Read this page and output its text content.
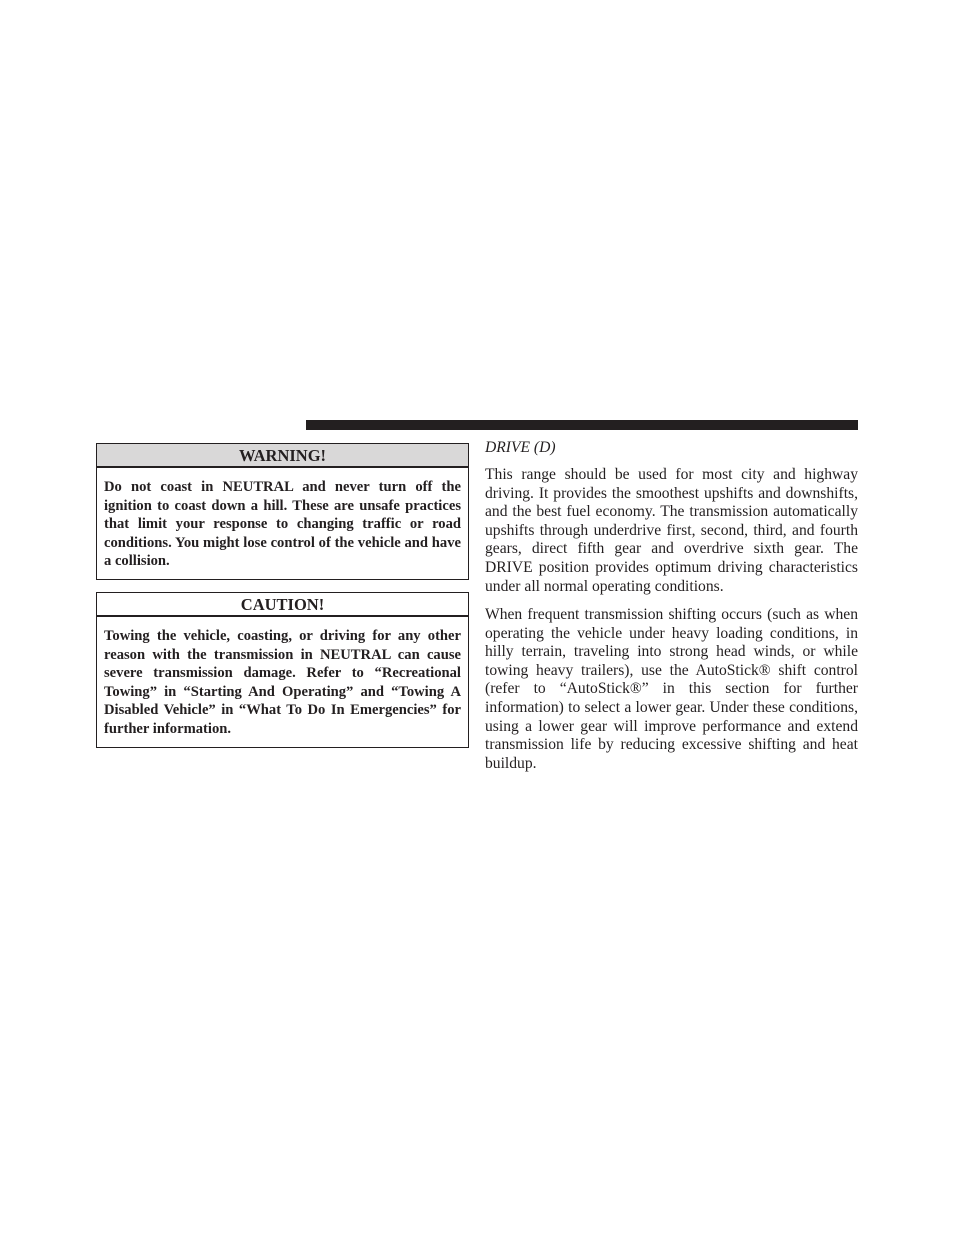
WARNING!
Do not coast in NEUTRAL and never turn off the ignition to coast down a hill. These are unsafe practices that limit your response to changing traffic or road conditions. You might lose control of the vehicle and have a collision.
CAUTION!
Towing the vehicle, coasting, or driving for any other reason with the transmission in NEUTRAL can cause severe transmission damage. Refer to “Recreational Towing” in “Starting And Operating” and “Towing A Disabled Vehicle” in “What To Do In Emergencies” for further information.
DRIVE (D)

This range should be used for most city and highway driving. It provides the smoothest upshifts and downshifts, and the best fuel economy. The transmission automatically upshifts through underdrive first, second, third, and fourth gears, direct fifth gear and overdrive sixth gear. The DRIVE position provides optimum driving characteristics under all normal operating conditions.

When frequent transmission shifting occurs (such as when operating the vehicle under heavy loading conditions, in hilly terrain, traveling into strong head winds, or while towing heavy trailers), use the AutoStick® shift control (refer to “AutoStick®” in this section for further information) to select a lower gear. Under these conditions, using a lower gear will improve performance and extend transmission life by reducing excessive shifting and heat buildup.
